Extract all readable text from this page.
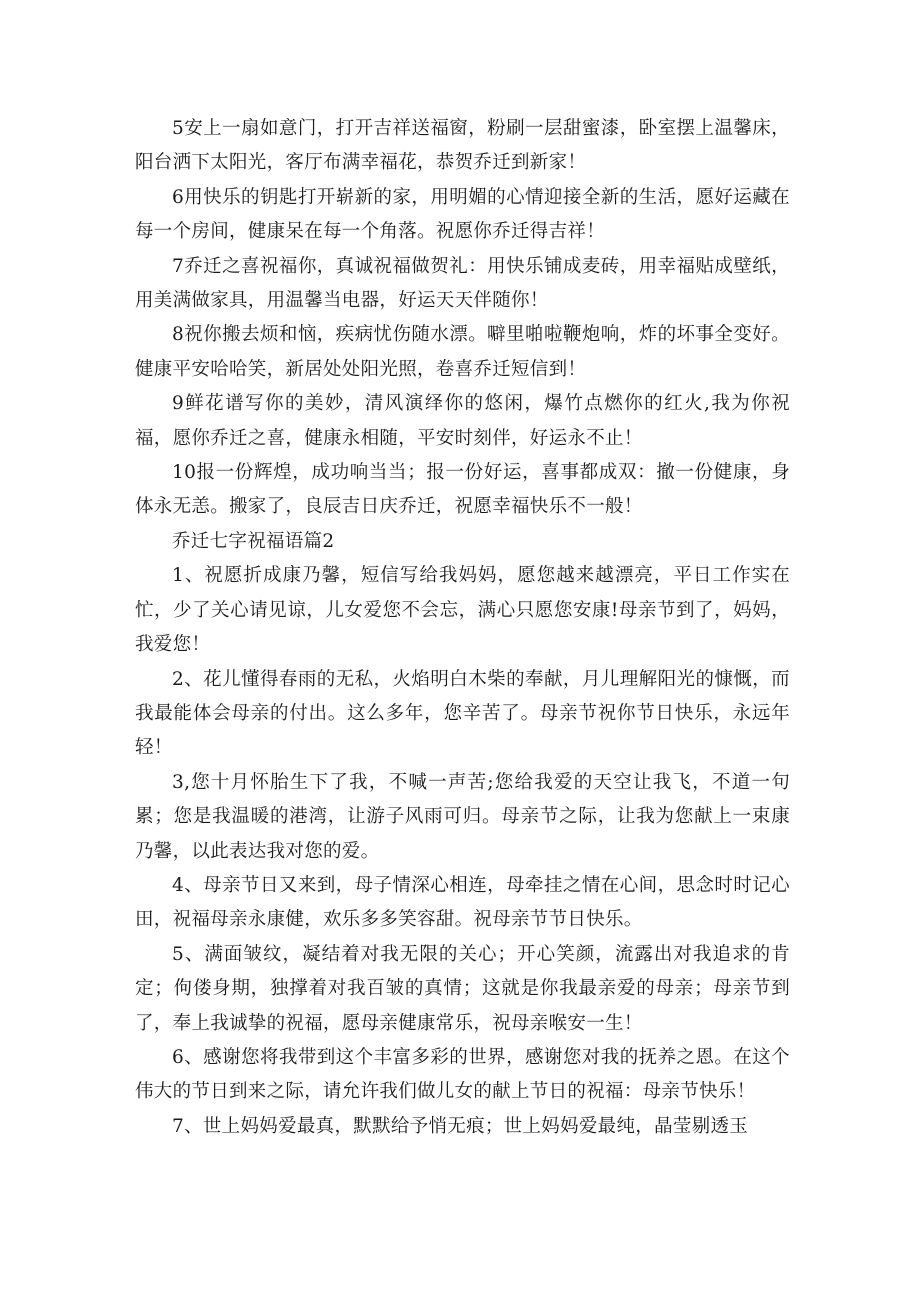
5安上一扇如意门，打开吉祥送福窗，粉刷一层甜蜜漆，卧室摆上温馨床，阳台洒下太阳光，客厅布满幸福花，恭贺乔迁到新家！

6用快乐的钥匙打开崭新的家，用明媚的心情迎接全新的生活，愿好运藏在每一个房间，健康呆在每一个角落。祝愿你乔迁得吉祥！

7乔迁之喜祝福你，真诚祝福做贺礼：用快乐铺成麦砖，用幸福贴成壁纸，用美满做家具，用温馨当电器，好运天天伴随你！

8祝你搬去烦和恼，疾病忧伤随水漂。噼里啪啦鞭炮响，炸的坏事全变好。健康平安哈哈笑，新居处处阳光照，卷喜乔迁短信到！

9鲜花谱写你的美妙，清风演绎你的悠闲，爆竹点燃你的红火,我为你祝福，愿你乔迁之喜，健康永相随，平安时刻伴，好运永不止！

10报一份辉煌，成功响当当；报一份好运，喜事都成双：撤一份健康，身体永无恙。搬家了，良辰吉日庆乔迁，祝愿幸福快乐不一般！

乔迁七字祝福语篇2

1、祝愿折成康乃馨，短信写给我妈妈，愿您越来越漂亮，平日工作实在忙，少了关心请见谅，儿女爱您不会忘，满心只愿您安康!母亲节到了，妈妈，我爱您！

2、花儿懂得春雨的无私，火焰明白木柴的奉献，月儿理解阳光的慷慨，而我最能体会母亲的付出。这么多年，您辛苦了。母亲节祝你节日快乐，永远年轻！

3,您十月怀胎生下了我，不喊一声苦;您给我爱的天空让我飞，不道一句累；您是我温暖的港湾，让游子风雨可归。母亲节之际，让我为您献上一束康乃馨，以此表达我对您的爱。

4、母亲节日又来到，母子情深心相连，母牵挂之情在心间，思念时时记心田，祝福母亲永康健，欢乐多多笑容甜。祝母亲节节日快乐。

5、满面皱纹，凝结着对我无限的关心；开心笑颜，流露出对我追求的肯定；佝偻身期，独撑着对我百皱的真情；这就是你我最亲爱的母亲；母亲节到了，奉上我诚挚的祝福，愿母亲健康常乐，祝母亲喉安一生！

6、感谢您将我带到这个丰富多彩的世界，感谢您对我的抚养之恩。在这个伟大的节日到来之际，请允许我们做儿女的献上节日的祝福：母亲节快乐！

7、世上妈妈爱最真，默默给予悄无痕；世上妈妈爱最纯，晶莹剔透玉
